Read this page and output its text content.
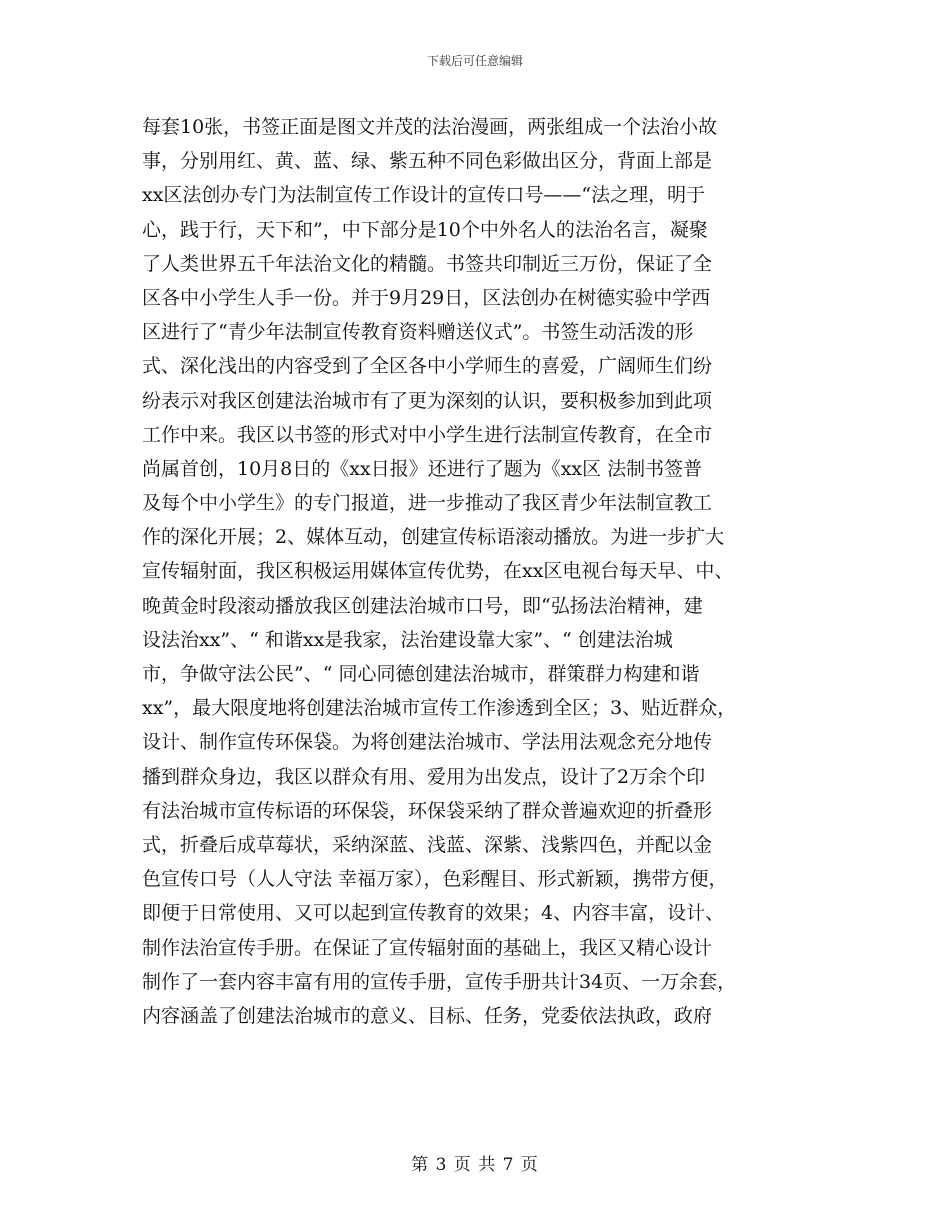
下载后可任意编辑
每套10张，书签正面是图文并茂的法治漫画，两张组成一个法治小故
事，分别用红、黄、蓝、绿、紫五种不同色彩做出区分，背面上部是
xx区法创办专门为法制宣传工作设计的宣传口号——“法之理，明于
心，践于行，天下和”，中下部分是10个中外名人的法治名言，凝聚
了人类世界五千年法治文化的精髓。书签共印制近三万份，保证了全
区各中小学生人手一份。并于9月29日，区法创办在树德实验中学西
区进行了“青少年法制宣传教育资料赠送仪式”。书签生动活泼的形
式、深化浅出的内容受到了全区各中小学师生的喜爱，广阔师生们纷
纷表示对我区创建法治城市有了更为深刻的认识，要积极参加到此项
工作中来。我区以书签的形式对中小学生进行法制宣传教育，在全市
尚属首创，10月8日的《xx日报》还进行了题为《xx区 法制书签普
及每个中小学生》的专门报道，进一步推动了我区青少年法制宣教工
作的深化开展；2、媒体互动，创建宣传标语滚动播放。为进一步扩大
宣传辐射面，我区积极运用媒体宣传优势，在xx区电视台每天早、中、
晚黄金时段滚动播放我区创建法治城市口号，即“弘扬法治精神，建
设法治xx”、“ 和谐xx是我家，法治建设靠大家”、“ 创建法治城
市，争做守法公民”、“ 同心同德创建法治城市，群策群力构建和谐
xx”，最大限度地将创建法治城市宣传工作渗透到全区；3、贴近群众，
设计、制作宣传环保袋。为将创建法治城市、学法用法观念充分地传
播到群众身边，我区以群众有用、爱用为出发点，设计了2万余个印
有法治城市宣传标语的环保袋，环保袋采纳了群众普遍欢迎的折叠形
式，折叠后成草莓状，采纳深蓝、浅蓝、深紫、浅紫四色，并配以金
色宣传口号（人人守法 幸福万家），色彩醒目、形式新颖，携带方便，
即便于日常使用、又可以起到宣传教育的效果；4、内容丰富，设计、
制作法治宣传手册。在保证了宣传辐射面的基础上，我区又精心设计
制作了一套内容丰富有用的宣传手册，宣传手册共计34页、一万余套，
内容涵盖了创建法治城市的意义、目标、任务，党委依法执政，政府
第 3 页 共 7 页
